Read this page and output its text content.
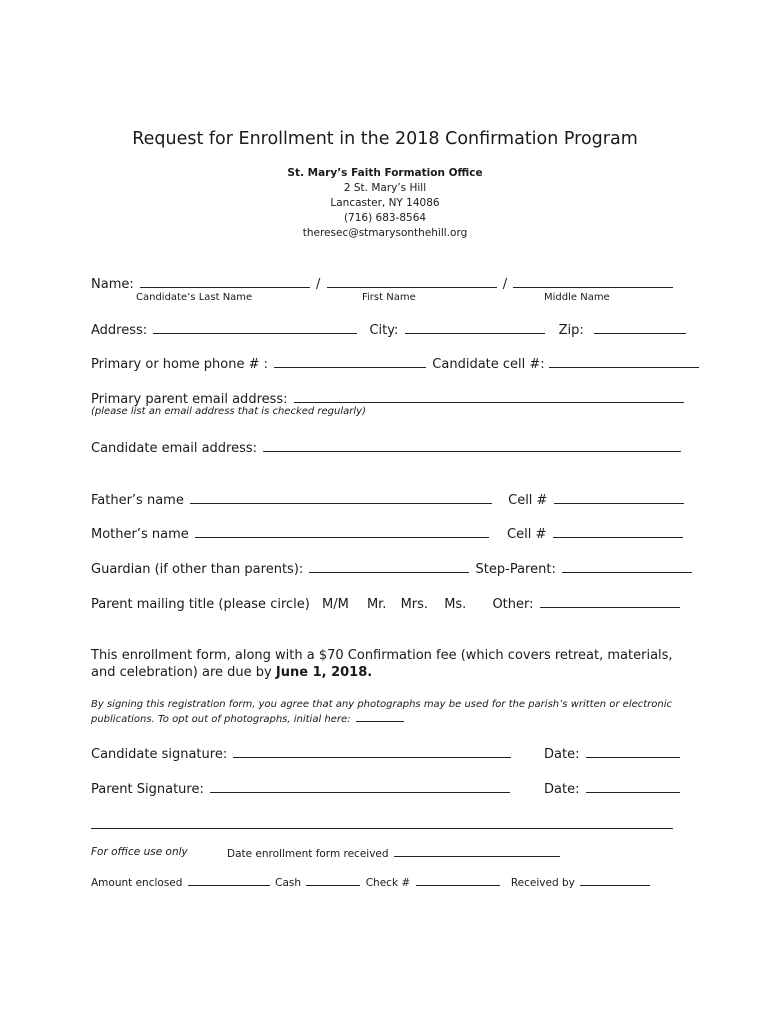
Request for Enrollment in the 2018 Confirmation Program
St. Mary’s Faith Formation Office
2 St. Mary’s Hill
Lancaster, NY 14086
(716) 683-8564
theresec@stmarysonthehill.org
Name:	/	/
Candidate’s Last Name	First Name	Middle Name
Address:	City:	Zip:
Primary or home phone # :	Candidate cell #:
Primary parent email address:
(please list an email address that is checked regularly)
Candidate email address:
Father’s name	Cell #
Mother’s name	Cell #
Guardian (if other than parents):	Step-Parent:
Parent mailing title (please circle) M/M Mr. Mrs. Ms. Other:
This enrollment form, along with a $70 Confirmation fee (which covers retreat, materials, and celebration) are due by June 1, 2018.
By signing this registration form, you agree that any photographs may be used for the parish’s written or electronic publications. To opt out of photographs, initial here:
Candidate signature:	Date:
Parent Signature:	Date:
For office use only	Date enrollment form received
Amount enclosed	Cash	Check #	Received by
